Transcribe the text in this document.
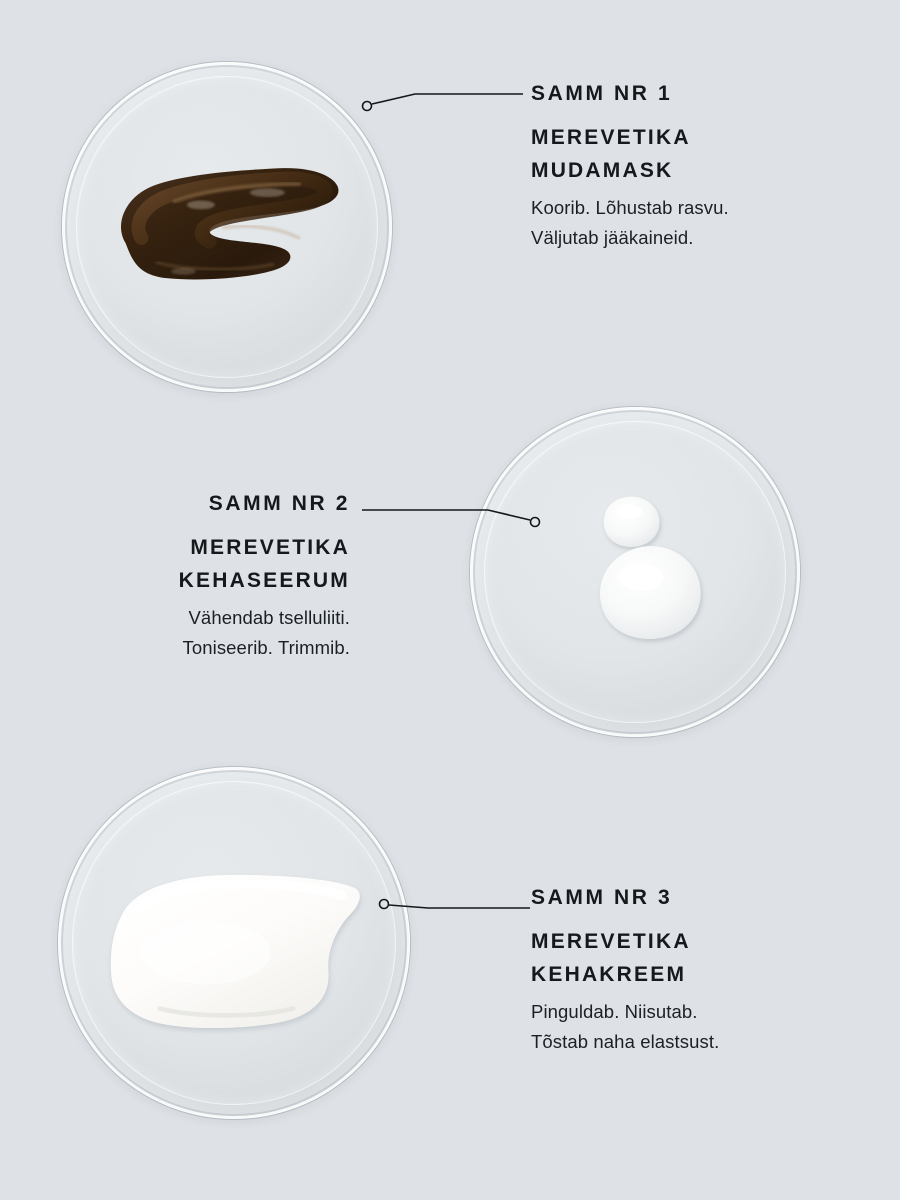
SAMM NR 1

MEREVETIKA
MUDAMASK

Koorib. Lõhustab rasvu.
Väljutab jääkaineid.

SAMM NR 2

MEREVETIKA
KEHASEERUM

Vähendab tselluliiti.
Toniseerib. Trimmib.

SAMM NR 3

MEREVETIKA
KEHAKREEM

Pinguldab. Niisutab.
Tõstab naha elastsust.
